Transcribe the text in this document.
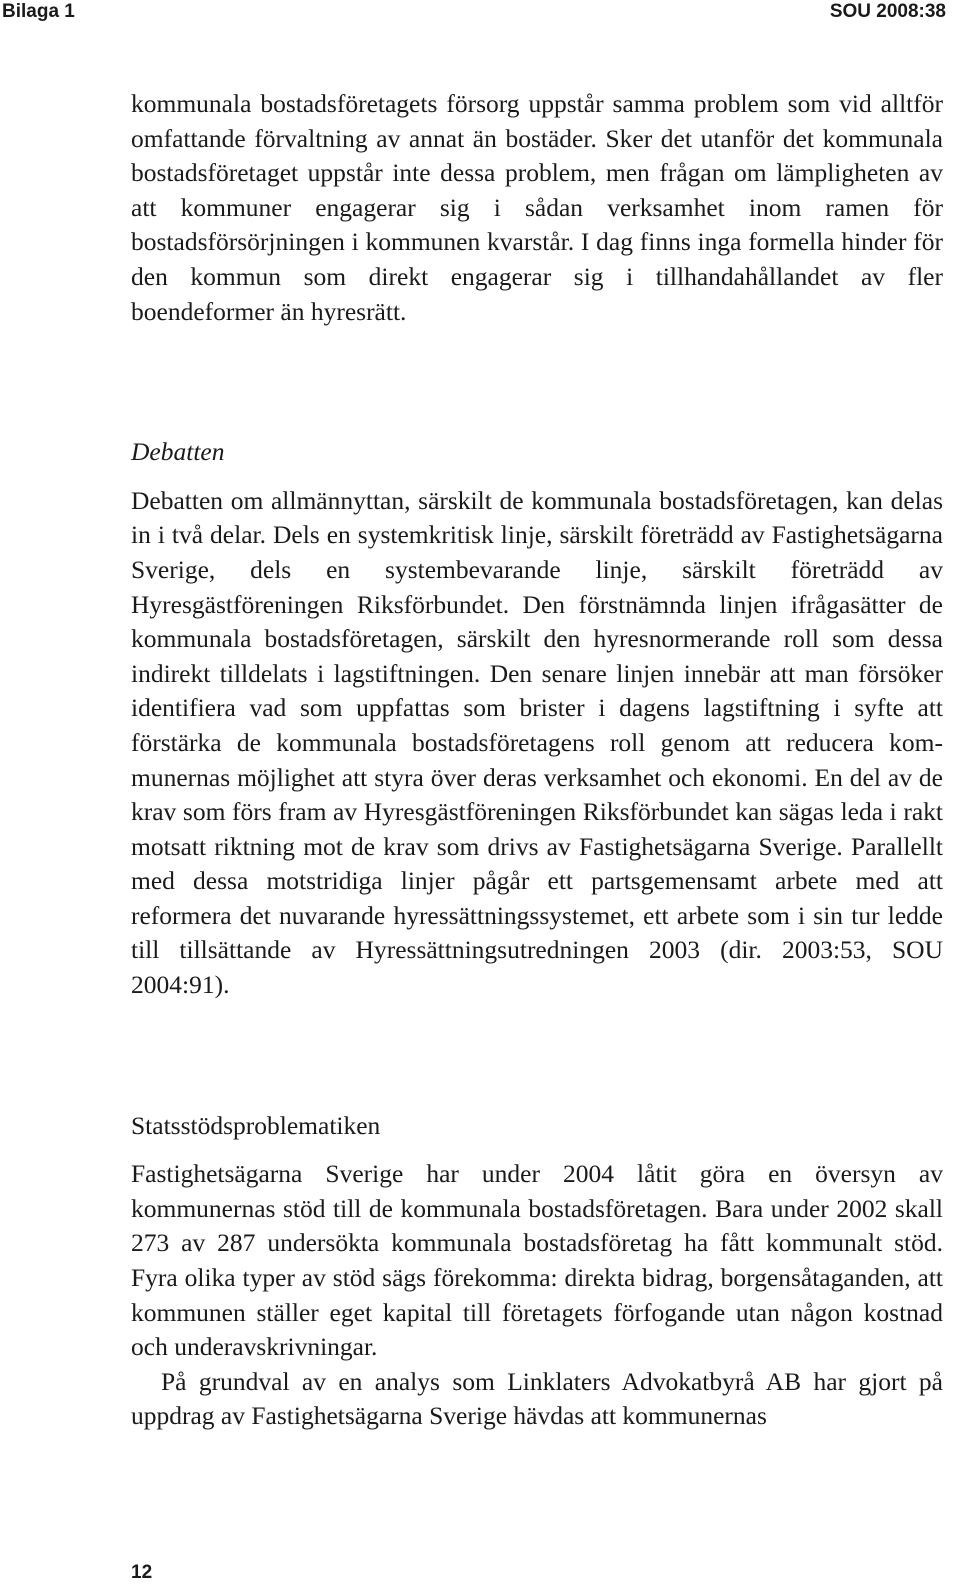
Bilaga 1	SOU 2008:38

kommunala bostadsföretagets försorg uppstår samma problem som vid alltför omfattande förvaltning av annat än bostäder. Sker det utanför det kommunala bostadsföretaget uppstår inte dessa problem, men frågan om lämpligheten av att kommuner engagerar sig i sådan verksamhet inom ramen för bostadsförsörjningen i kommunen kvarstår. I dag finns inga formella hinder för den kommun som direkt engagerar sig i tillhandahållandet av fler boendeformer än hyresrätt.

Debatten

Debatten om allmännyttan, särskilt de kommunala bostadsföretagen, kan delas in i två delar. Dels en systemkritisk linje, särskilt företrädd av Fastighetsägarna Sverige, dels en systembevarande linje, särskilt företrädd av Hyresgästföreningen Riksförbundet. Den förstnämnda linjen ifrågasätter de kommunala bostadsföretagen, särskilt den hyresnormerande roll som dessa indirekt tilldelats i lagstiftningen. Den senare linjen innebär att man försöker identifiera vad som uppfattas som brister i dagens lagstiftning i syfte att förstärka de kommunala bostadsföretagens roll genom att reducera kommunernas möjlighet att styra över deras verksamhet och ekonomi. En del av de krav som förs fram av Hyresgästföreningen Riksförbundet kan sägas leda i rakt motsatt riktning mot de krav som drivs av Fastighetsägarna Sverige. Parallellt med dessa motstridiga linjer pågår ett partsgemensamt arbete med att reformera det nuvarande hyressättningssystemet, ett arbete som i sin tur ledde till tillsättande av Hyressättningsutredningen 2003 (dir. 2003:53, SOU 2004:91).

Statsstödsproblematiken

Fastighetsägarna Sverige har under 2004 låtit göra en översyn av kommunernas stöd till de kommunala bostadsföretagen. Bara under 2002 skall 273 av 287 undersökta kommunala bostadsföretag ha fått kommunalt stöd. Fyra olika typer av stöd sägs förekomma: direkta bidrag, borgensåtaganden, att kommunen ställer eget kapital till företagets förfogande utan någon kostnad och underavskrivningar.

På grundval av en analys som Linklaters Advokatbyrå AB har gjort på uppdrag av Fastighetsägarna Sverige hävdas att kommunernas

12
